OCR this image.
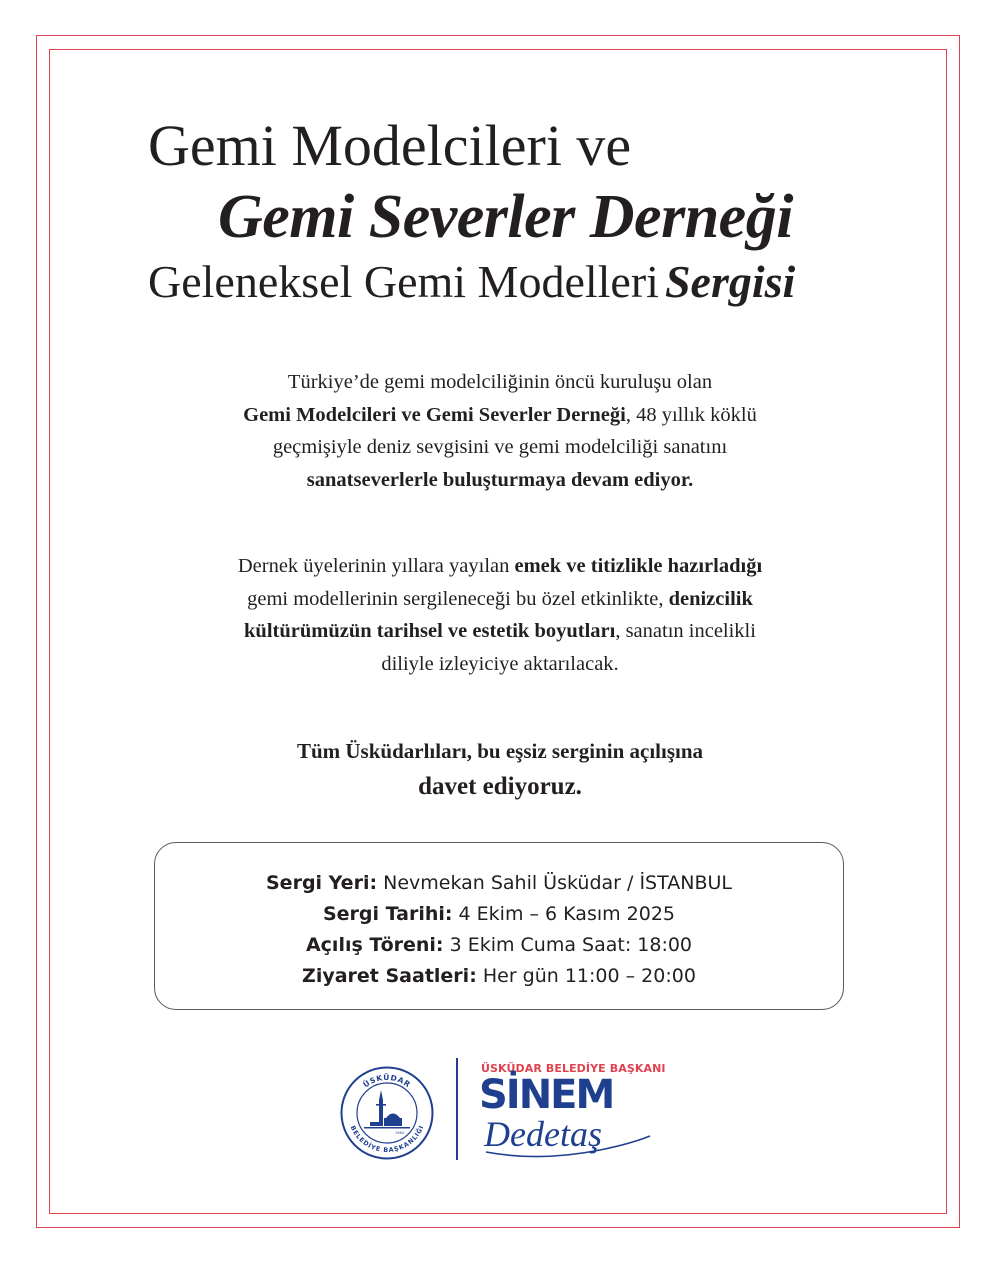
Gemi Modelcileri ve
Gemi Severler Derneği
Geleneksel Gemi Modelleri Sergisi
Türkiye’de gemi modelciliğinin öncü kuruluşu olan
Gemi Modelcileri ve Gemi Severler Derneği, 48 yıllık köklü
geçmişiyle deniz sevgisini ve gemi modelciliği sanatını
sanatseverlerle buluşturmaya devam ediyor.
Dernek üyelerinin yıllara yayılan emek ve titizlikle hazırladığı
gemi modellerinin sergileneceği bu özel etkinlikte, denizcilik
kültürümüzün tarihsel ve estetik boyutları, sanatın incelikli
diliyle izleyiciye aktarılacak.
Tüm Üsküdarlıları, bu eşsiz serginin açılışına
davet ediyoruz.
Sergi Yeri: Nevmekan Sahil Üsküdar / İSTANBUL
Sergi Tarihi: 4 Ekim – 6 Kasım 2025
Açılış Töreni: 3 Ekim Cuma Saat: 18:00
Ziyaret Saatleri: Her gün 11:00 – 20:00
ÜSKÜDAR
BELEDİYE BAŞKANLIĞI
1984
ÜSKÜDAR BELEDİYE BAŞKANI
SİNEM
Dedetaş
